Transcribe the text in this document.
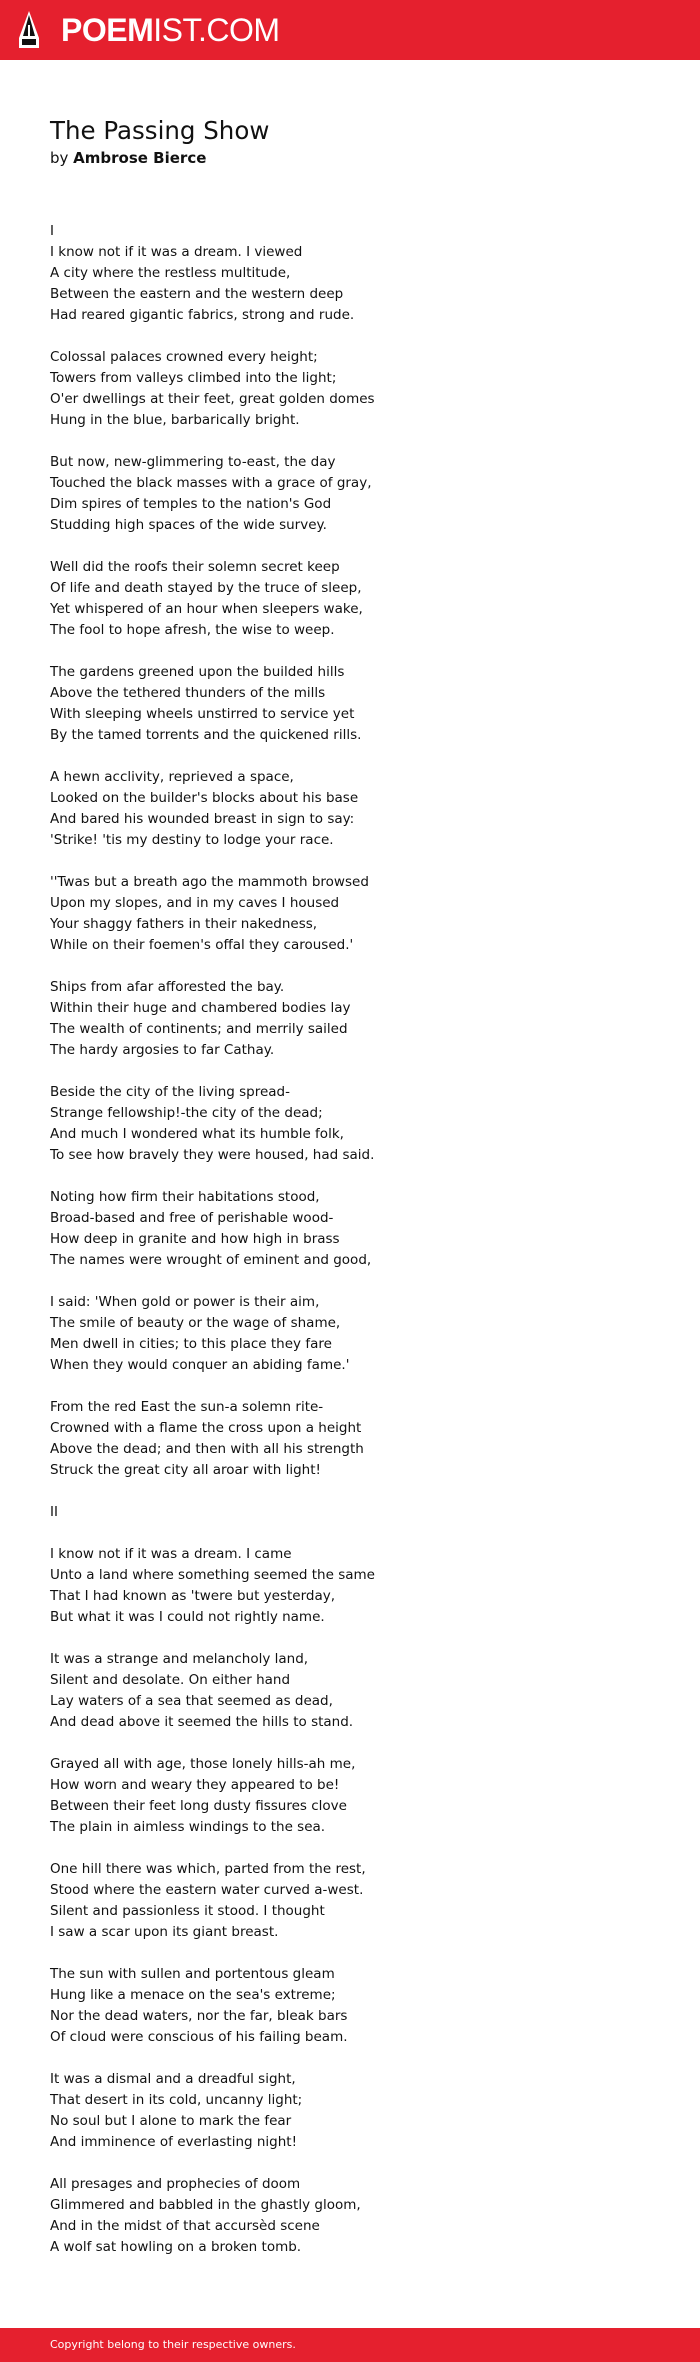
POEMIST.COM
The Passing Show
by Ambrose Bierce
I
I know not if it was a dream. I viewed
A city where the restless multitude,
Between the eastern and the western deep
Had reared gigantic fabrics, strong and rude.
Colossal palaces crowned every height;
Towers from valleys climbed into the light;
O'er dwellings at their feet, great golden domes
Hung in the blue, barbarically bright.
But now, new-glimmering to-east, the day
Touched the black masses with a grace of gray,
Dim spires of temples to the nation's God
Studding high spaces of the wide survey.
Well did the roofs their solemn secret keep
Of life and death stayed by the truce of sleep,
Yet whispered of an hour when sleepers wake,
The fool to hope afresh, the wise to weep.
The gardens greened upon the builded hills
Above the tethered thunders of the mills
With sleeping wheels unstirred to service yet
By the tamed torrents and the quickened rills.
A hewn acclivity, reprieved a space,
Looked on the builder's blocks about his base
And bared his wounded breast in sign to say:
'Strike! 'tis my destiny to lodge your race.
''Twas but a breath ago the mammoth browsed
Upon my slopes, and in my caves I housed
Your shaggy fathers in their nakedness,
While on their foemen's offal they caroused.'
Ships from afar afforested the bay.
Within their huge and chambered bodies lay
The wealth of continents; and merrily sailed
The hardy argosies to far Cathay.
Beside the city of the living spread-
Strange fellowship!-the city of the dead;
And much I wondered what its humble folk,
To see how bravely they were housed, had said.
Noting how firm their habitations stood,
Broad-based and free of perishable wood-
How deep in granite and how high in brass
The names were wrought of eminent and good,
I said: 'When gold or power is their aim,
The smile of beauty or the wage of shame,
Men dwell in cities; to this place they fare
When they would conquer an abiding fame.'
From the red East the sun-a solemn rite-
Crowned with a flame the cross upon a height
Above the dead; and then with all his strength
Struck the great city all aroar with light!
II
I know not if it was a dream. I came
Unto a land where something seemed the same
That I had known as 'twere but yesterday,
But what it was I could not rightly name.
It was a strange and melancholy land,
Silent and desolate. On either hand
Lay waters of a sea that seemed as dead,
And dead above it seemed the hills to stand.
Grayed all with age, those lonely hills-ah me,
How worn and weary they appeared to be!
Between their feet long dusty fissures clove
The plain in aimless windings to the sea.
One hill there was which, parted from the rest,
Stood where the eastern water curved a-west.
Silent and passionless it stood. I thought
I saw a scar upon its giant breast.
The sun with sullen and portentous gleam
Hung like a menace on the sea's extreme;
Nor the dead waters, nor the far, bleak bars
Of cloud were conscious of his failing beam.
It was a dismal and a dreadful sight,
That desert in its cold, uncanny light;
No soul but I alone to mark the fear
And imminence of everlasting night!
All presages and prophecies of doom
Glimmered and babbled in the ghastly gloom,
And in the midst of that accursèd scene
A wolf sat howling on a broken tomb.
Copyright belong to their respective owners.
